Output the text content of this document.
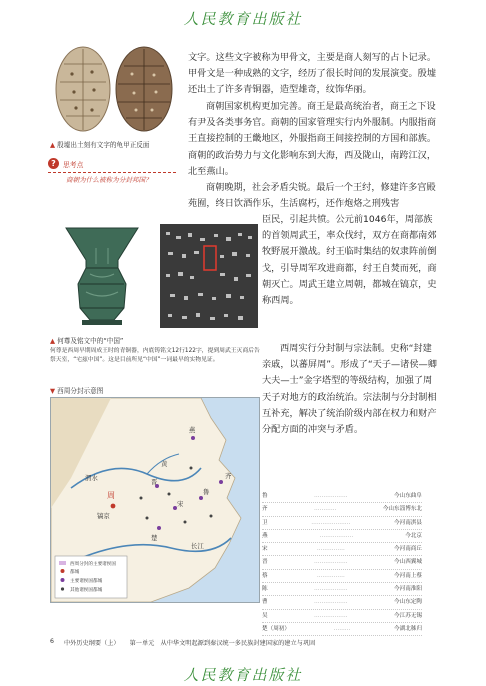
人民教育出版社
▲ 殷墟出土刻有文字的龟甲正反面
?	思考点
商朝为什么被称为分封邦国？
文字。这些文字被称为甲骨文，主要是商人刻写的占卜记录。甲骨文是一种成熟的文字，经历了很长时间的发展演变。殷墟还出土了许多青铜器，造型雄奇，纹饰华丽。
商朝国家机构更加完善。商王是最高统治者，商王之下设有尹及各类事务官。商朝的国家管理实行内外服制。内服指商王直接控制的王畿地区，外服指商王间接控制的方国和部族。商朝的政治势力与文化影响东到大海，西及陇山，南跨江汉，北至燕山。
商朝晚期，社会矛盾尖锐。最后一个王纣，修建许多宫殿苑囿，终日饮酒作乐，生活腐朽，还作炮烙之刑残害
▲ 何尊及铭文中的“中国”
何尊是西周早期周成王时的青铜器，内底铸铭文12行122字，提到周武王灭商后告祭天室，“宅兹中国”。这是目前所见“中国”一词最早的实物见证。
臣民，引起共愤。公元前1046年，周部族的首领周武王，率众伐纣，双方在商都南郊牧野展开激战。纣王临时集结的奴隶阵前倒戈，引导周军攻进商都，纣王自焚而死，商朝灭亡。周武王建立周朝，都城在镐京，史称西周。
西周实行分封制与宗法制。史称“封建亲戚，以蕃屏周”。形成了“天子—诸侯—卿大夫—士”金字塔型的等级结构，加强了周天子对地方的政治统治。宗法制与分封制相互补充，解决了统治阶级内部在权力和财产分配方面的冲突与矛盾。
▼ 西周分封示意图
渭水
黄
镐京
周
燕
齐
鲁
宋
晋
楚
长江
西周分封的主要诸侯国
都城
主要诸侯国都城
其他诸侯国都城
鲁	………………	今山东曲阜
齐	…………	今山东淄博东北
卫	…………………	今河南淇县
燕	………………	今北京
宋	……………	今河南商丘
晋	………………	今山西翼城
蔡	……………	今河南上蔡
陈	………………	今河南淮阳
曹	………………	今山东定陶
吴	………………	今江苏无锡
楚（周初）	………	今湖北秭归
6 中外历史纲要（上） 第一单元　从中华文明起源到秦汉统一多民族封建国家的建立与巩固
人民教育出版社
